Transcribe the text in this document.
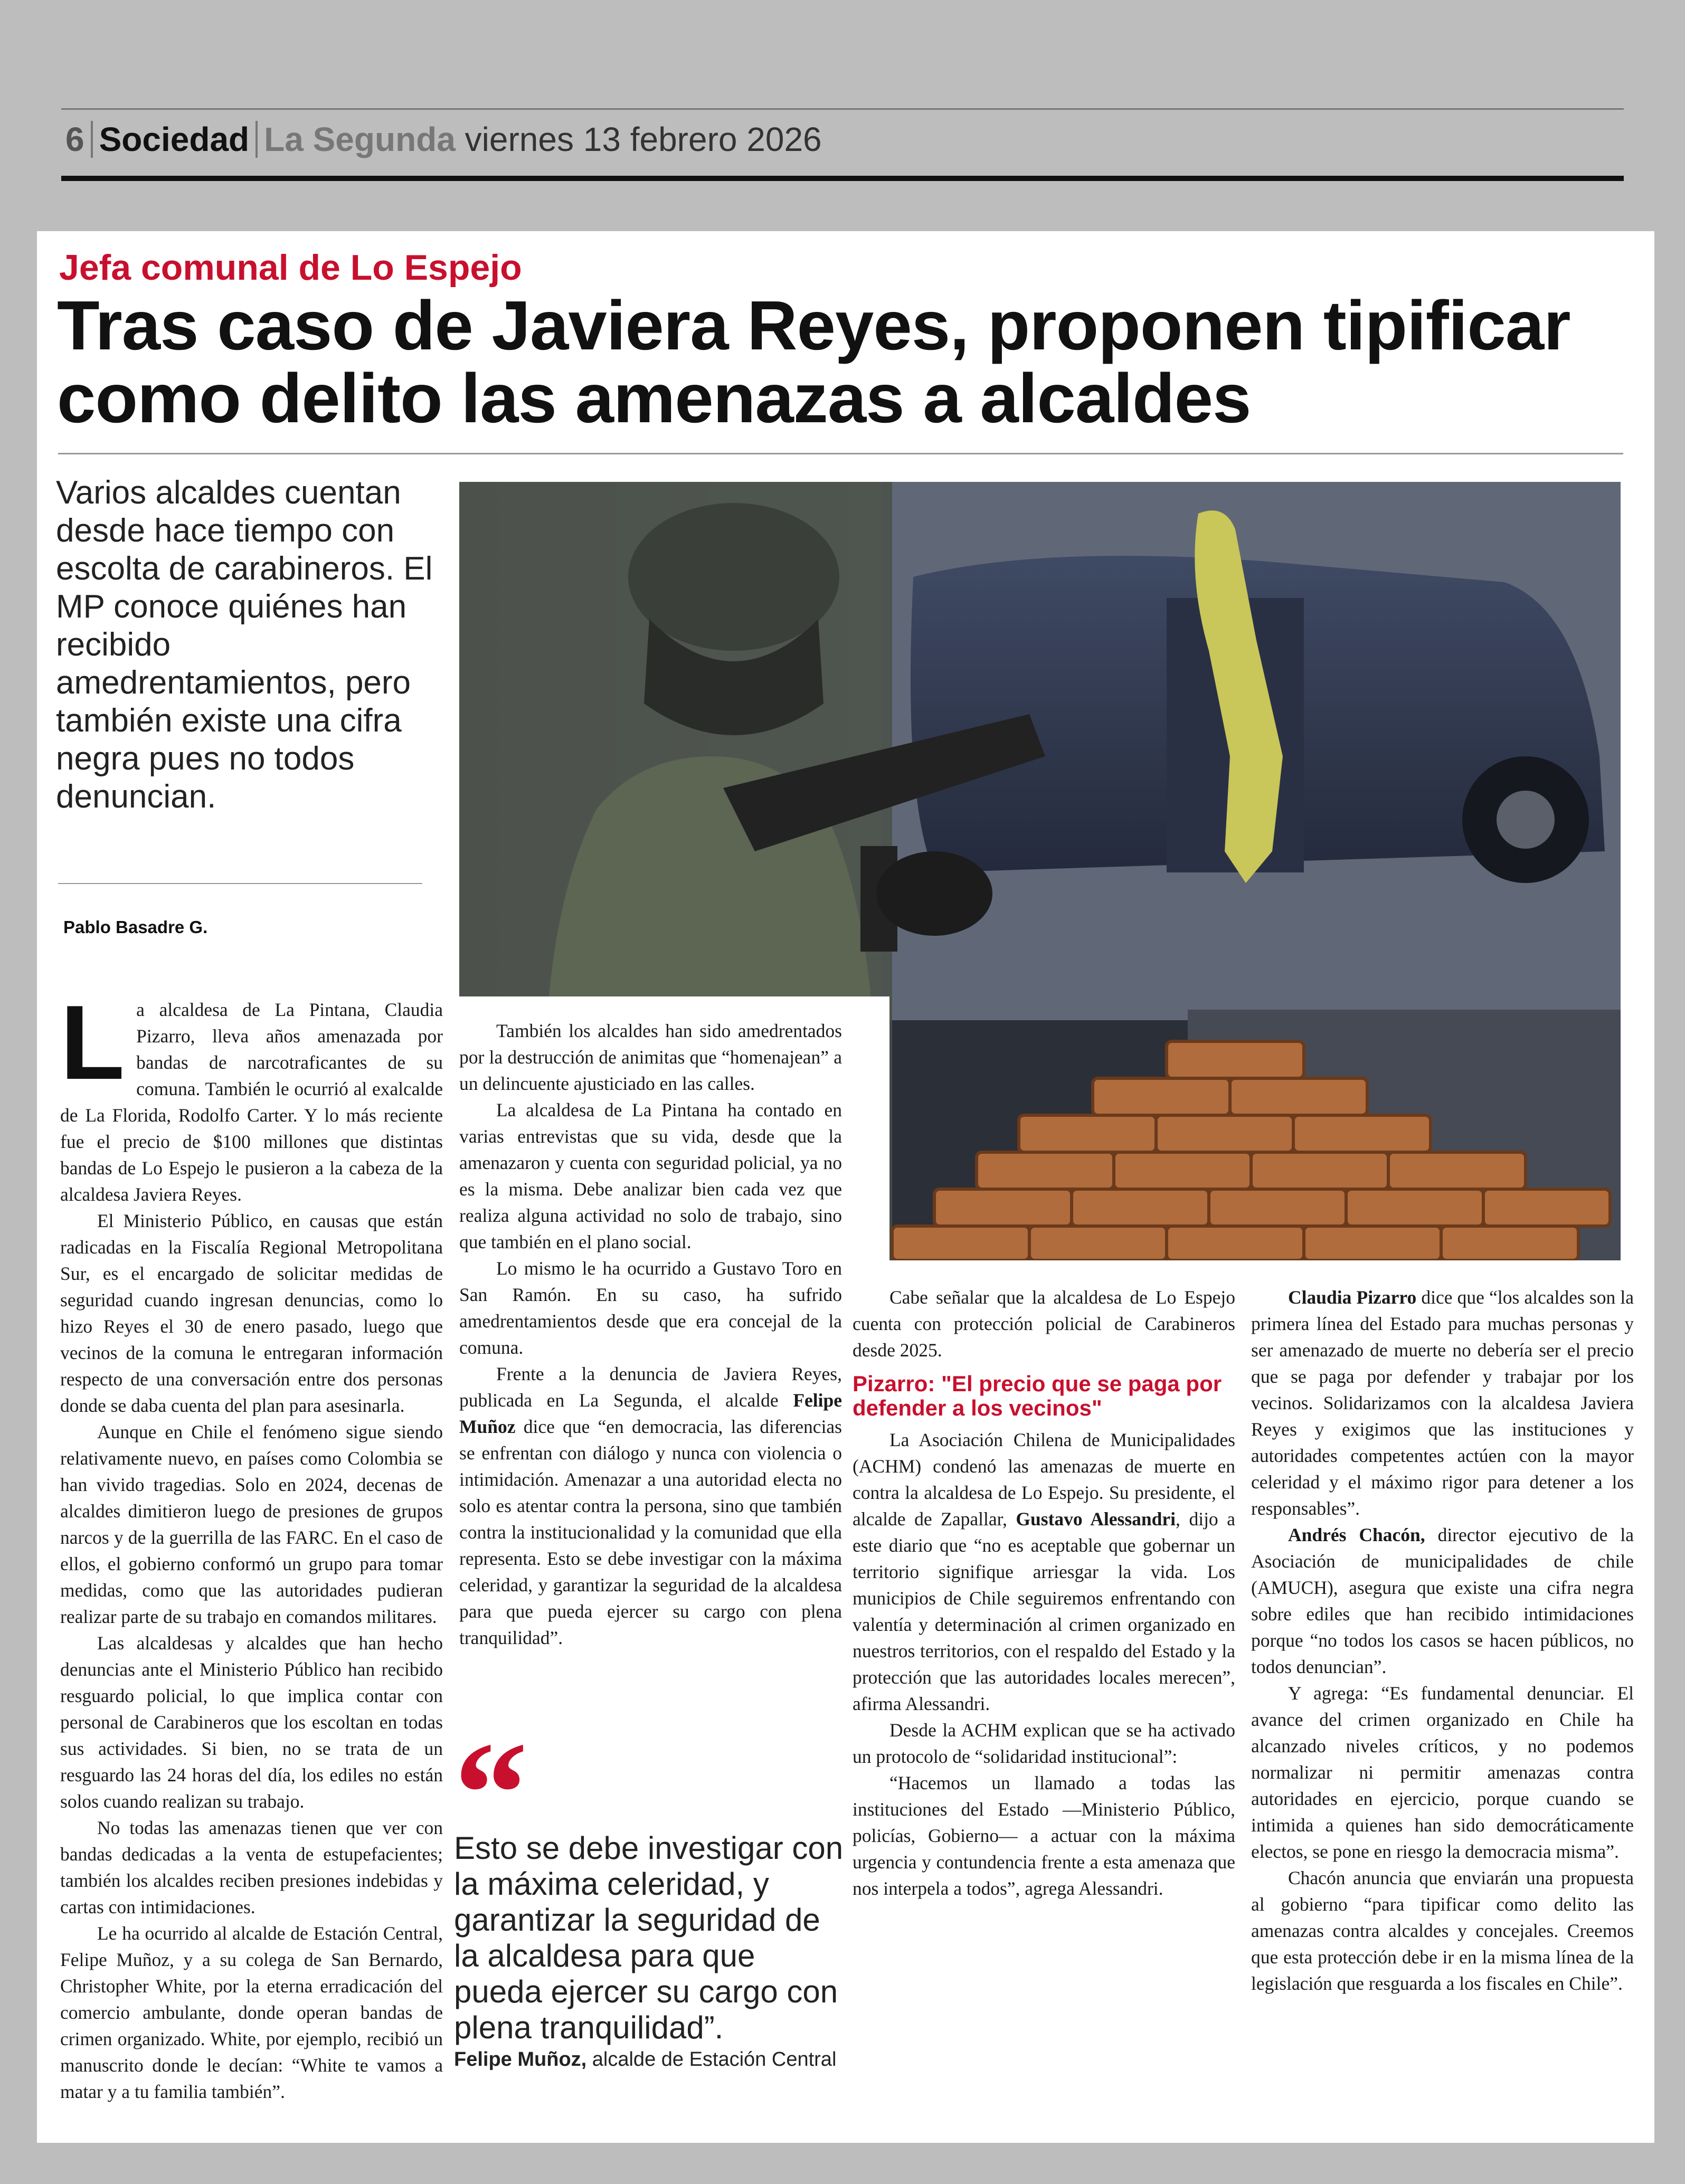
6 Sociedad La Segunda viernes 13 febrero 2026
Jefa comunal de Lo Espejo
Tras caso de Javiera Reyes, proponen tipificar como delito las amenazas a alcaldes
Varios alcaldes cuentan desde hace tiempo con escolta de carabineros. El MP conoce quiénes han recibido amedrentamientos, pero también existe una cifra negra pues no todos denuncian.
Pablo Basadre G.

La alcaldesa de La Pintana, Claudia Pizarro, lleva años amenazada por bandas de narcotraficantes de su comuna. También le ocurrió al exalcalde de La Florida, Rodolfo Carter. Y lo más reciente fue el precio de $100 millones que distintas bandas de Lo Espejo le pusieron a la cabeza de la alcaldesa Javiera Reyes.

El Ministerio Público, en causas que están radicadas en la Fiscalía Regional Metropolitana Sur, es el encargado de solicitar medidas de seguridad cuando ingresan denuncias, como lo hizo Reyes el 30 de enero pasado, luego que vecinos de la comuna le entregaran información respecto de una conversación entre dos personas donde se daba cuenta del plan para asesinarla.

Aunque en Chile el fenómeno sigue siendo relativamente nuevo, en países como Colombia se han vivido tragedias. Solo en 2024, decenas de alcaldes dimitieron luego de presiones de grupos narcos y de la guerrilla de las FARC. En el caso de ellos, el gobierno conformó un grupo para tomar medidas, como que las autoridades pudieran realizar parte de su trabajo en comandos militares.

Las alcaldesas y alcaldes que han hecho denuncias ante el Ministerio Público han recibido resguardo policial, lo que implica contar con personal de Carabineros que los escoltan en todas sus actividades. Si bien, no se trata de un resguardo las 24 horas del día, los ediles no están solos cuando realizan su trabajo.

No todas las amenazas tienen que ver con bandas dedicadas a la venta de estupefacientes; también los alcaldes reciben presiones indebidas y cartas con intimidaciones.

Le ha ocurrido al alcalde de Estación Central, Felipe Muñoz, y a su colega de San Bernardo, Christopher White, por la eterna erradicación del comercio ambulante, donde operan bandas de crimen organizado. White, por ejemplo, recibió un manuscrito donde le decían: “White te vamos a matar y a tu familia también”.

También los alcaldes han sido amedrentados por la destrucción de animitas que “homenajean” a un delincuente ajusticiado en las calles.

La alcaldesa de La Pintana ha contado en varias entrevistas que su vida, desde que la amenazaron y cuenta con seguridad policial, ya no es la misma. Debe analizar bien cada vez que realiza alguna actividad no solo de trabajo, sino que también en el plano social.

Lo mismo le ha ocurrido a Gustavo Toro en San Ramón. En su caso, ha sufrido amedrentamientos desde que era concejal de la comuna.

Frente a la denuncia de Javiera Reyes, publicada en La Segunda, el alcalde Felipe Muñoz dice que “en democracia, las diferencias se enfrentan con diálogo y nunca con violencia o intimidación. Amenazar a una autoridad electa no solo es atentar contra la persona, sino que también contra la institucionalidad y la comunidad que ella representa. Esto se debe investigar con la máxima celeridad, y garantizar la seguridad de la alcaldesa para que pueda ejercer su cargo con plena tranquilidad”.

“
Esto se debe investigar con la máxima celeridad, y garantizar la seguridad de la alcaldesa para que pueda ejercer su cargo con plena tranquilidad”.
Felipe Muñoz, alcalde de Estación Central

Cabe señalar que la alcaldesa de Lo Espejo cuenta con protección policial de Carabineros desde 2025.

Pizarro: "El precio que se paga por defender a los vecinos"

La Asociación Chilena de Municipalidades (ACHM) condenó las amenazas de muerte en contra la alcaldesa de Lo Espejo. Su presidente, el alcalde de Zapallar, Gustavo Alessandri, dijo a este diario que “no es aceptable que gobernar un territorio signifique arriesgar la vida. Los municipios de Chile seguiremos enfrentando con valentía y determinación al crimen organizado en nuestros territorios, con el respaldo del Estado y la protección que las autoridades locales merecen”, afirma Alessandri.

Desde la ACHM explican que se ha activado un protocolo de “solidaridad institucional”:

“Hacemos un llamado a todas las instituciones del Estado —Ministerio Público, policías, Gobierno— a actuar con la máxima urgencia y contundencia frente a esta amenaza que nos interpela a todos”, agrega Alessandri.

Claudia Pizarro dice que “los alcaldes son la primera línea del Estado para muchas personas y ser amenazado de muerte no debería ser el precio que se paga por defender y trabajar por los vecinos. Solidarizamos con la alcaldesa Javiera Reyes y exigimos que las instituciones y autoridades competentes actúen con la mayor celeridad y el máximo rigor para detener a los responsables”.

Andrés Chacón, director ejecutivo de la Asociación de municipalidades de chile (AMUCH), asegura que existe una cifra negra sobre ediles que han recibido intimidaciones porque “no todos los casos se hacen públicos, no todos denuncian”.

Y agrega: “Es fundamental denunciar. El avance del crimen organizado en Chile ha alcanzado niveles críticos, y no podemos normalizar ni permitir amenazas contra autoridades en ejercicio, porque cuando se intimida a quienes han sido democráticamente electos, se pone en riesgo la democracia misma”.

Chacón anuncia que enviarán una propuesta al gobierno “para tipificar como delito las amenazas contra alcaldes y concejales. Creemos que esta protección debe ir en la misma línea de la legislación que resguarda a los fiscales en Chile”.
